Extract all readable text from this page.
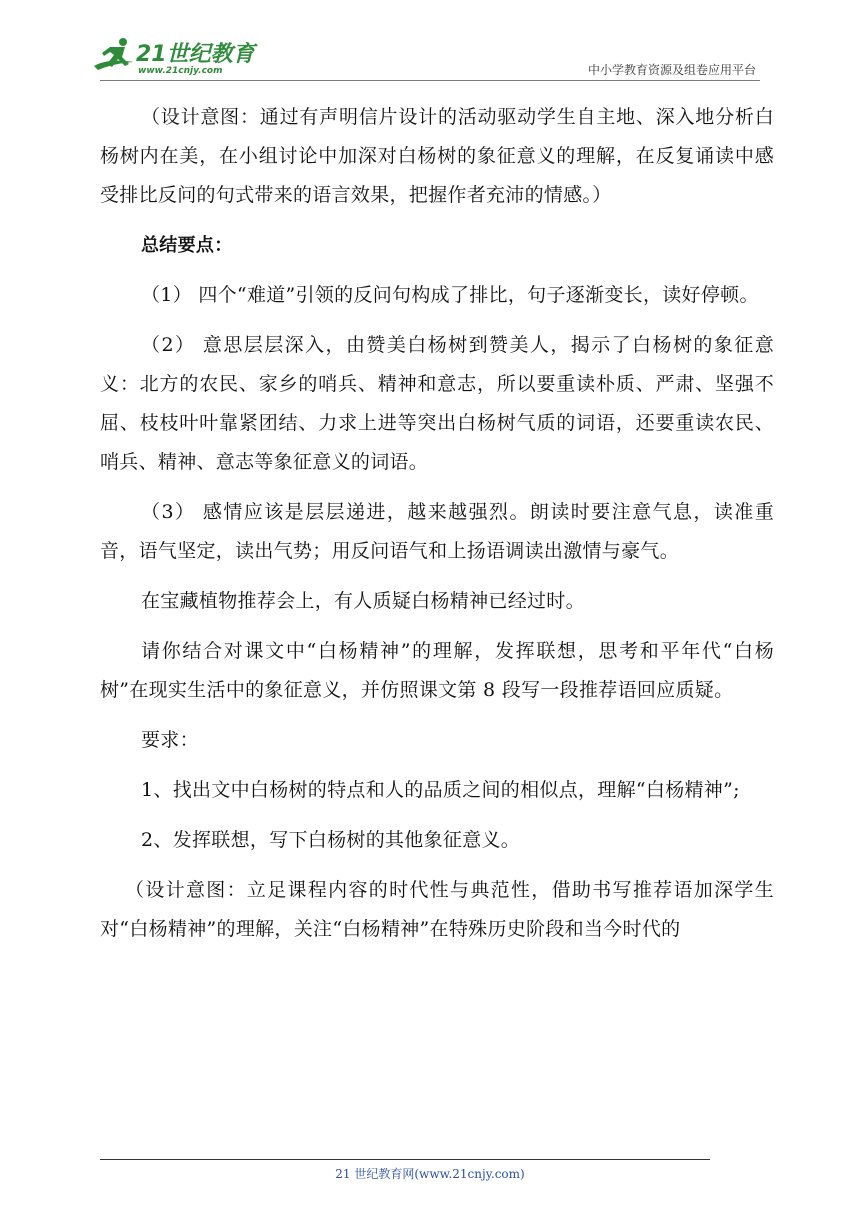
21世纪教育
www.21cnjy.com	中小学教育资源及组卷应用平台

（设计意图：通过有声明信片设计的活动驱动学生自主地、深入地分析白杨树内在美，在小组讨论中加深对白杨树的象征意义的理解，在反复诵读中感受排比反问的句式带来的语言效果，把握作者充沛的情感。）

总结要点：

（1） 四个“难道”引领的反问句构成了排比，句子逐渐变长，读好停顿。

（2） 意思层层深入，由赞美白杨树到赞美人，揭示了白杨树的象征意义：北方的农民、家乡的哨兵、精神和意志，所以要重读朴质、严肃、坚强不屈、枝枝叶叶靠紧团结、力求上进等突出白杨树气质的词语，还要重读农民、哨兵、精神、意志等象征意义的词语。

（3） 感情应该是层层递进，越来越强烈。朗读时要注意气息，读准重音，语气坚定，读出气势；用反问语气和上扬语调读出激情与豪气。

在宝藏植物推荐会上，有人质疑白杨精神已经过时。

请你结合对课文中“白杨精神”的理解，发挥联想，思考和平年代“白杨树”在现实生活中的象征意义，并仿照课文第 8 段写一段推荐语回应质疑。

要求：

1、找出文中白杨树的特点和人的品质之间的相似点，理解“白杨精神”;

2、发挥联想，写下白杨树的其他象征意义。

（设计意图：立足课程内容的时代性与典范性，借助书写推荐语加深学生对“白杨精神”的理解，关注“白杨精神”在特殊历史阶段和当今时代的

21 世纪教育网(www.21cnjy.com)
